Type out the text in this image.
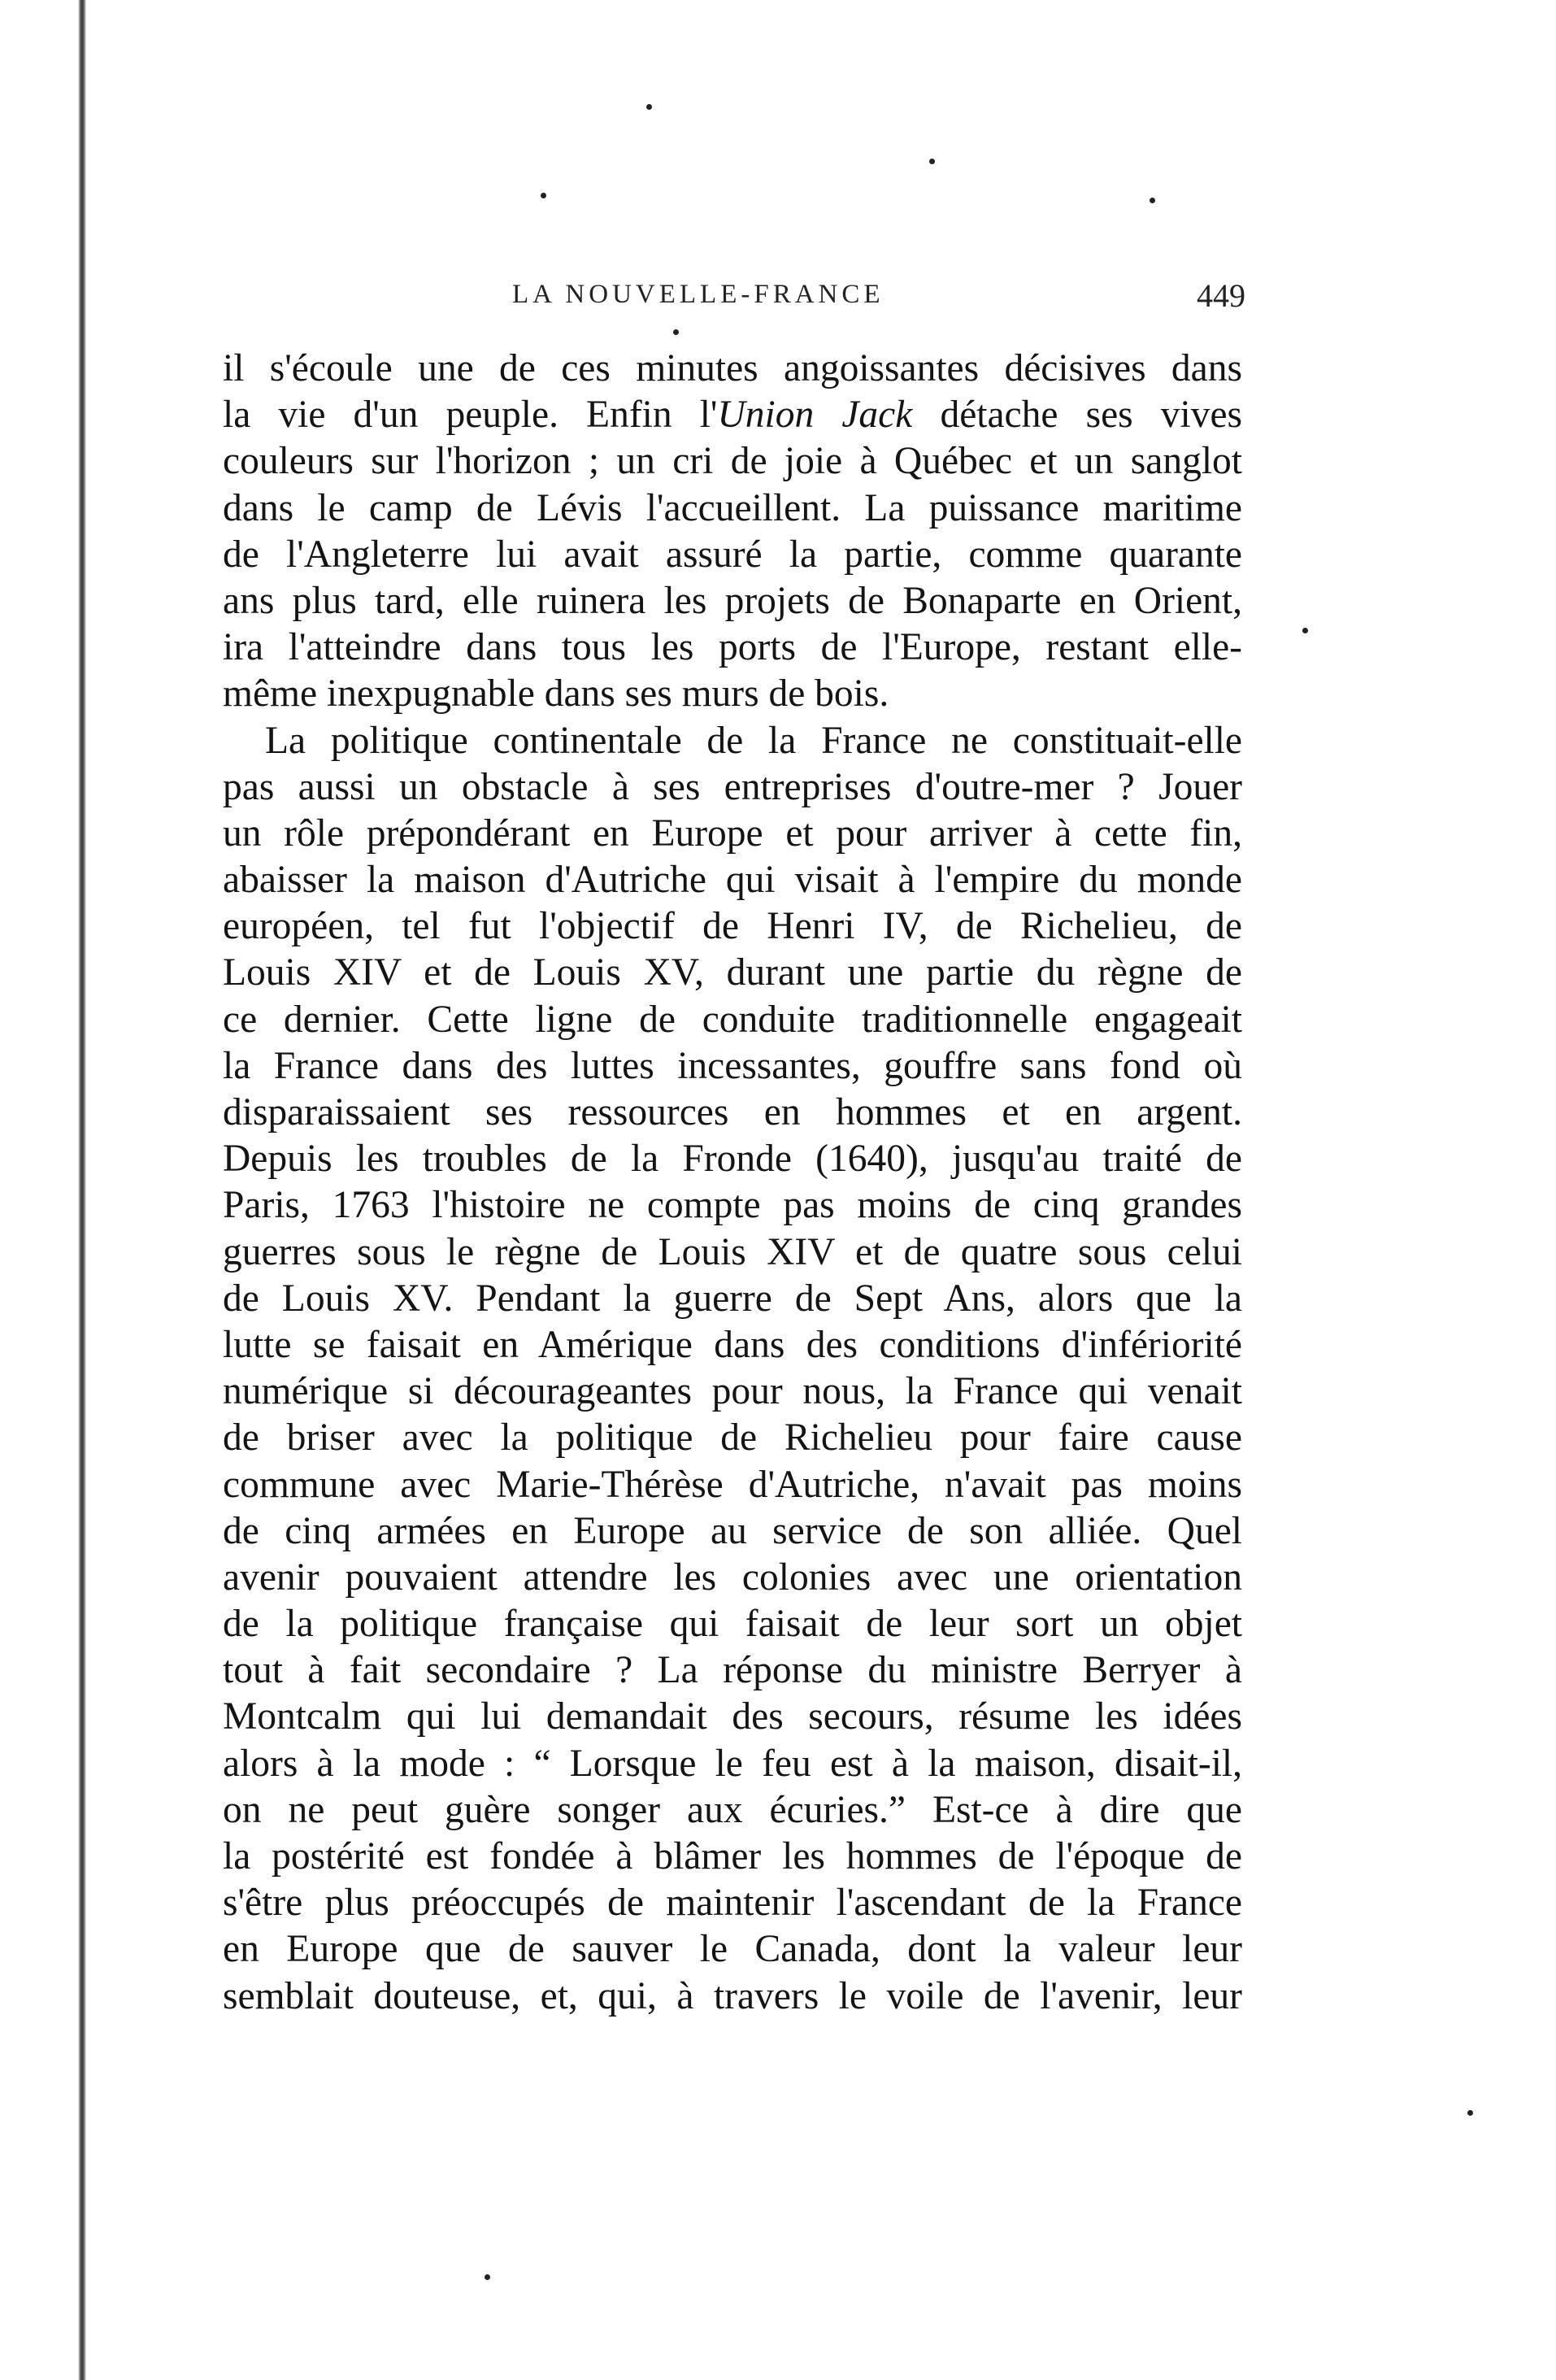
LA NOUVELLE-FRANCE	449
il s'écoule une de ces minutes angoissantes décisives dans
la vie d'un peuple. Enfin l'Union Jack détache ses vives
couleurs sur l'horizon ; un cri de joie à Québec et un sanglot
dans le camp de Lévis l'accueillent. La puissance maritime
de l'Angleterre lui avait assuré la partie, comme quarante
ans plus tard, elle ruinera les projets de Bonaparte en Orient,
ira l'atteindre dans tous les ports de l'Europe, restant elle-
même inexpugnable dans ses murs de bois.
La politique continentale de la France ne constituait-elle
pas aussi un obstacle à ses entreprises d'outre-mer ? Jouer
un rôle prépondérant en Europe et pour arriver à cette fin,
abaisser la maison d'Autriche qui visait à l'empire du monde
européen, tel fut l'objectif de Henri IV, de Richelieu, de
Louis XIV et de Louis XV, durant une partie du règne de
ce dernier. Cette ligne de conduite traditionnelle engageait
la France dans des luttes incessantes, gouffre sans fond où
disparaissaient ses ressources en hommes et en argent.
Depuis les troubles de la Fronde (1640), jusqu'au traité de
Paris, 1763 l'histoire ne compte pas moins de cinq grandes
guerres sous le règne de Louis XIV et de quatre sous celui
de Louis XV. Pendant la guerre de Sept Ans, alors que la
lutte se faisait en Amérique dans des conditions d'infériorité
numérique si décourageantes pour nous, la France qui venait
de briser avec la politique de Richelieu pour faire cause
commune avec Marie-Thérèse d'Autriche, n'avait pas moins
de cinq armées en Europe au service de son alliée. Quel
avenir pouvaient attendre les colonies avec une orientation
de la politique française qui faisait de leur sort un objet
tout à fait secondaire ? La réponse du ministre Berryer à
Montcalm qui lui demandait des secours, résume les idées
alors à la mode : “ Lorsque le feu est à la maison, disait-il,
on ne peut guère songer aux écuries.” Est-ce à dire que
la postérité est fondée à blâmer les hommes de l'époque de
s'être plus préoccupés de maintenir l'ascendant de la France
en Europe que de sauver le Canada, dont la valeur leur
semblait douteuse, et, qui, à travers le voile de l'avenir, leur
